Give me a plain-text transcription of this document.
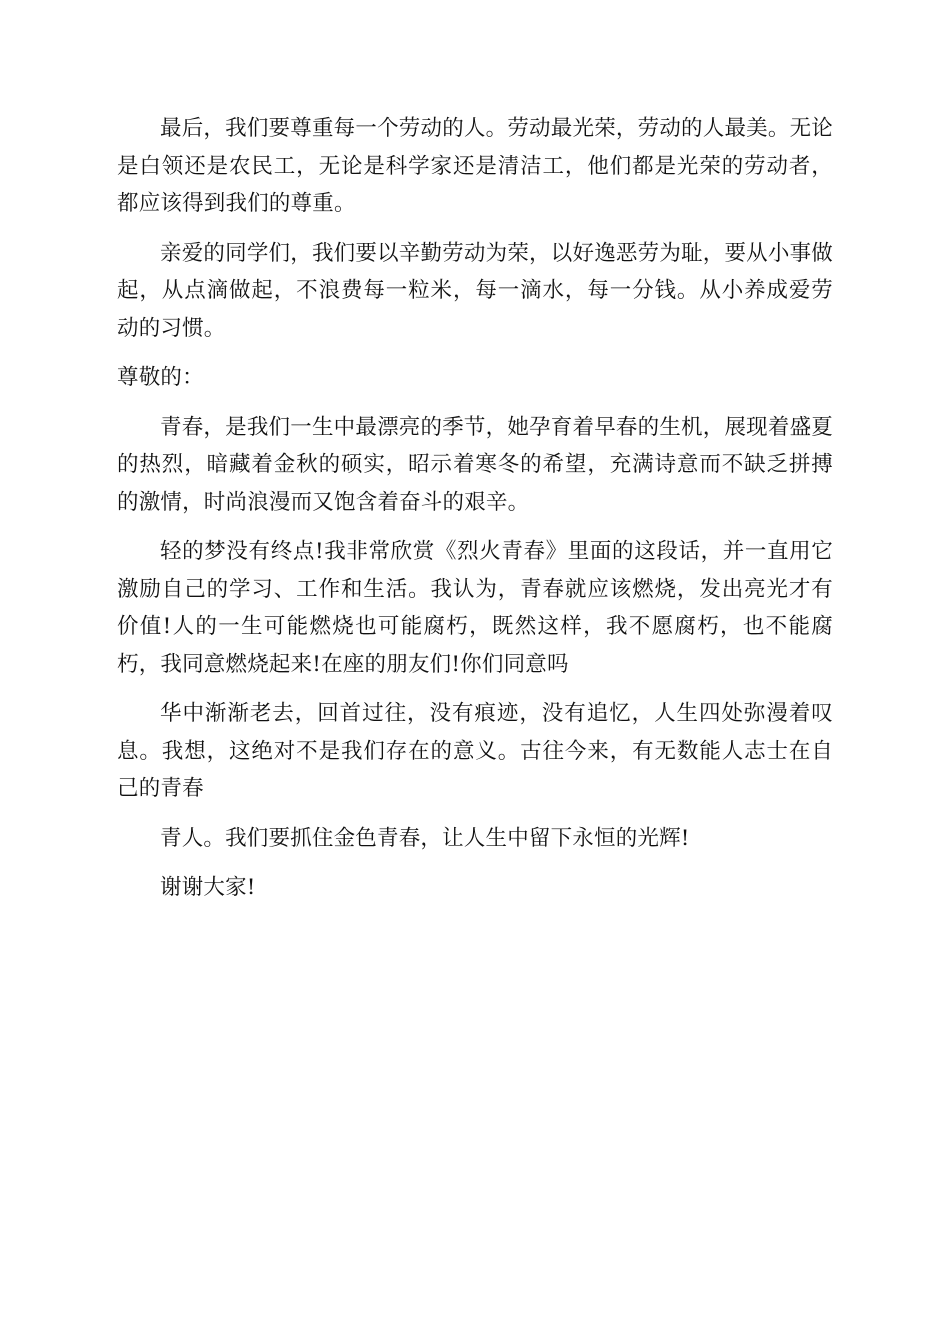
最后，我们要尊重每一个劳动的人。劳动最光荣，劳动的人最美。无论是白领还是农民工，无论是科学家还是清洁工，他们都是光荣的劳动者，都应该得到我们的尊重。

亲爱的同学们，我们要以辛勤劳动为荣，以好逸恶劳为耻，要从小事做起，从点滴做起，不浪费每一粒米，每一滴水，每一分钱。从小养成爱劳动的习惯。

尊敬的：

青春，是我们一生中最漂亮的季节，她孕育着早春的生机，展现着盛夏的热烈，暗藏着金秋的硕实，昭示着寒冬的希望，充满诗意而不缺乏拼搏的激情，时尚浪漫而又饱含着奋斗的艰辛。

轻的梦没有终点!我非常欣赏《烈火青春》里面的这段话，并一直用它激励自己的学习、工作和生活。我认为，青春就应该燃烧，发出亮光才有价值!人的一生可能燃烧也可能腐朽，既然这样，我不愿腐朽，也不能腐朽，我同意燃烧起来!在座的朋友们!你们同意吗

华中渐渐老去，回首过往，没有痕迹，没有追忆，人生四处弥漫着叹息。我想，这绝对不是我们存在的意义。古往今来，有无数能人志士在自己的青春

青人。我们要抓住金色青春，让人生中留下永恒的光辉!

谢谢大家!
